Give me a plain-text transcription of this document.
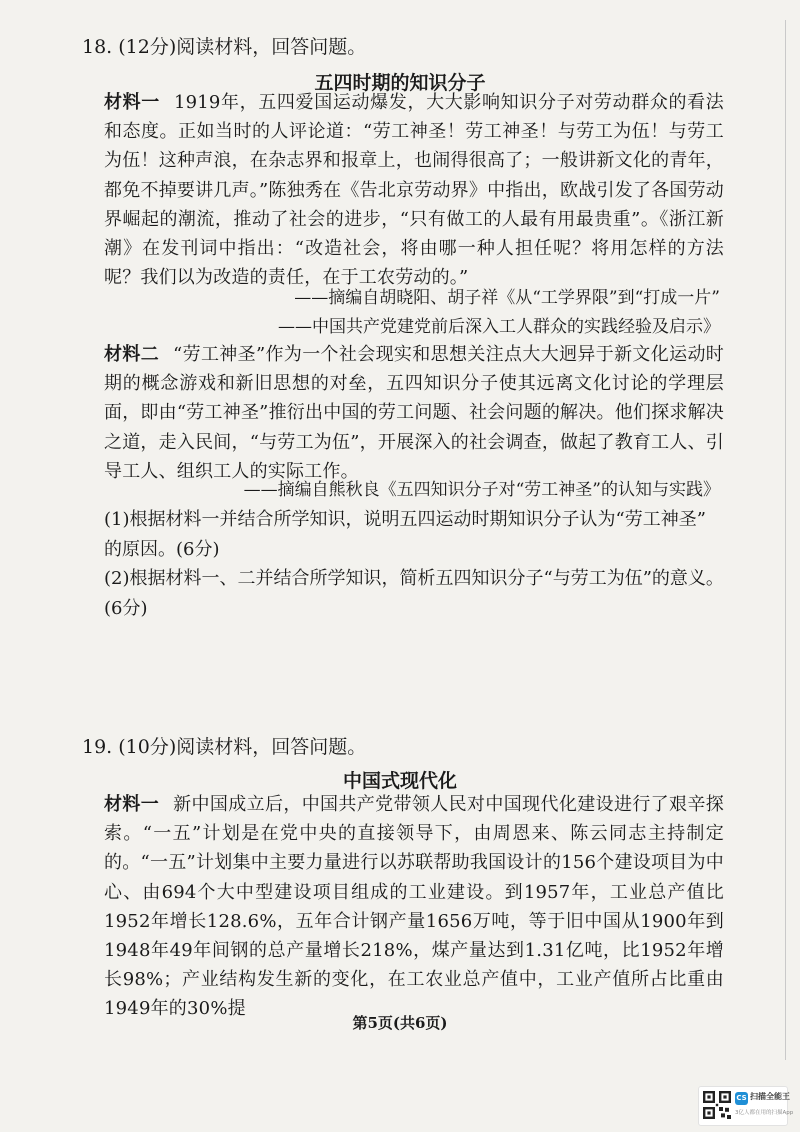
18. (12分)阅读材料，回答问题。
五四时期的知识分子
材料一 1919年，五四爱国运动爆发，大大影响知识分子对劳动群众的看法和态度。正如当时的人评论道：“劳工神圣！劳工神圣！与劳工为伍！与劳工为伍！这种声浪，在杂志界和报章上，也闹得很高了；一般讲新文化的青年，都免不掉要讲几声。”陈独秀在《告北京劳动界》中指出，欧战引发了各国劳动界崛起的潮流，推动了社会的进步，“只有做工的人最有用最贵重”。《浙江新潮》在发刊词中指出：“改造社会，将由哪一种人担任呢？将用怎样的方法呢？我们以为改造的责任，在于工农劳动的。”
——摘编自胡晓阳、胡子祥《从“工学界限”到“打成一片”
——中国共产党建党前后深入工人群众的实践经验及启示》
材料二 “劳工神圣”作为一个社会现实和思想关注点大大迥异于新文化运动时期的概念游戏和新旧思想的对垒，五四知识分子使其远离文化讨论的学理层面，即由“劳工神圣”推衍出中国的劳工问题、社会问题的解决。他们探求解决之道，走入民间，“与劳工为伍”，开展深入的社会调查，做起了教育工人、引导工人、组织工人的实际工作。
——摘编自熊秋良《五四知识分子对“劳工神圣”的认知与实践》
(1)根据材料一并结合所学知识，说明五四运动时期知识分子认为“劳工神圣”
的原因。(6分)
(2)根据材料一、二并结合所学知识，简析五四知识分子“与劳工为伍”的意义。
(6分)
19. (10分)阅读材料，回答问题。
中国式现代化
材料一 新中国成立后，中国共产党带领人民对中国现代化建设进行了艰辛探索。“一五”计划是在党中央的直接领导下，由周恩来、陈云同志主持制定的。“一五”计划集中主要力量进行以苏联帮助我国设计的156个建设项目为中心、由694个大中型建设项目组成的工业建设。到1957年，工业总产值比1952年增长128.6%，五年合计钢产量1656万吨，等于旧中国从1900年到1948年49年间钢的总产量增长218%，煤产量达到1.31亿吨，比1952年增长98%；产业结构发生新的变化，在工农业总产值中，工业产值所占比重由1949年的30%提
第5页(共6页)
CS 扫描全能王
3亿人都在用的扫描App
